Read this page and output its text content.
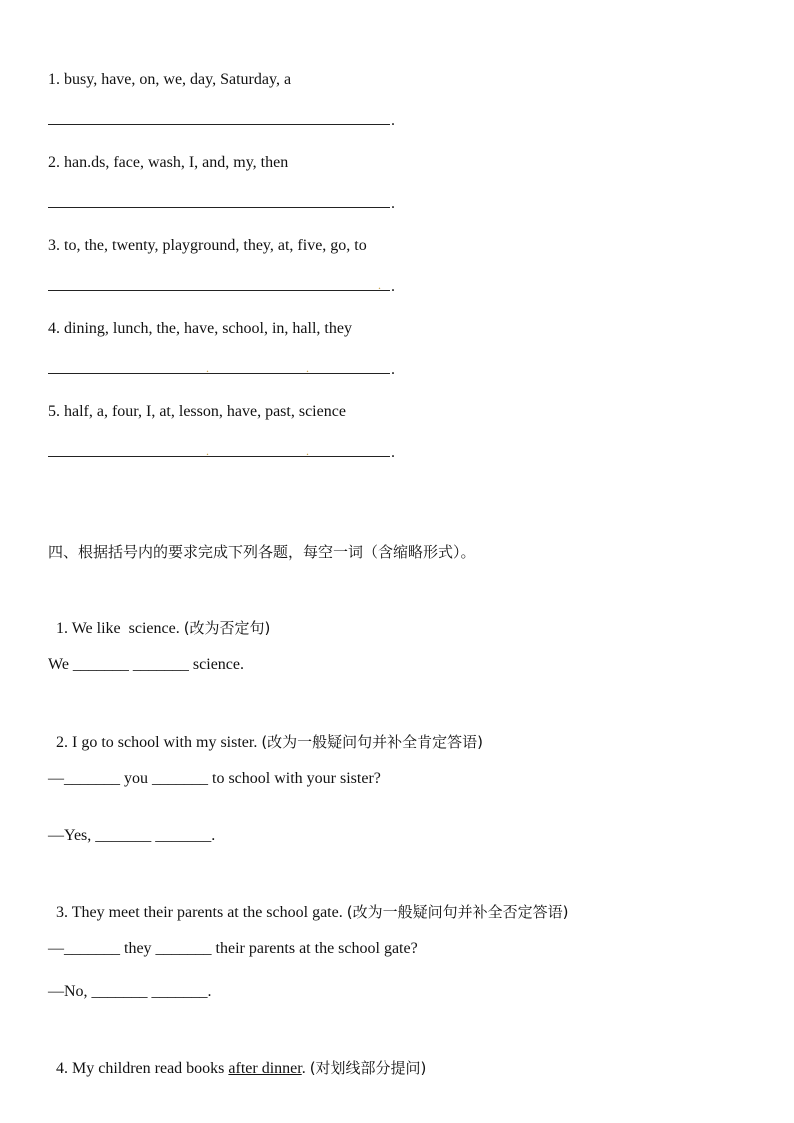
1. busy, have, on, we, day, Saturday, a
.
2. han.ds, face, wash, I, and, my, then
.
3. to, the, twenty, playground, they, at, five, go, to
. .
4. dining, lunch, the, have, school, in, hall, they
.	.	.
5. half, a, four, I, at, lesson, have, past, science
.	.	.
四、根据括号内的要求完成下列各题，每空一词（含缩略形式）。

1. We like  science. (改为否定句)

We _______ _______ science.

2. I go to school with my sister. (改为一般疑问句并补全肯定答语)

—_______ you _______ to school with your sister?
—Yes, _______ _______.

3. They meet their parents at the school gate. (改为一般疑问句并补全否定答语)

—_______ they _______ their parents at the school gate?
—No, _______ _______.

4. My children read books after dinner. (对划线部分提问)
